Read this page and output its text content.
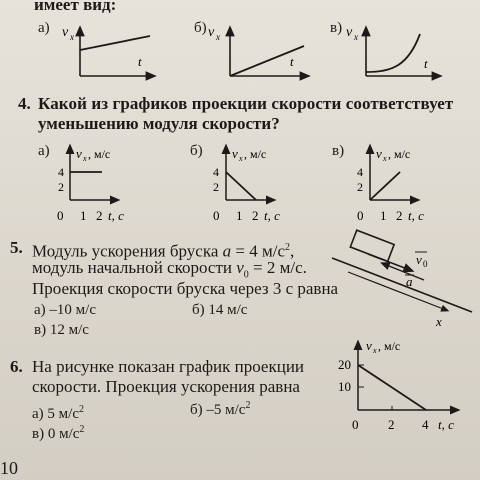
имеет вид:
а)	б)	в)
v x
t
v x
t
v x
t
4. Какой из графиков проекции скорости соответствует
уменьшению модуля скорости?
а)	б)	в)
v x , м/с
4
2
0 1 2 t, с
v x , м/с
4
2
0 1 2 t, с
v x , м/с
4
2
0 1 2 t, с
5. Модуль ускорения бруска a = 4 $м/с^2$,
модуль начальной скорости $v_0 = 2$ м/с.
Проекция скорости бруска через 3 с равна
а) –10 м/с	б) 14 м/с
в) 12 м/с
v 0
a
x
6. На рисунке показан график проекции
скорости. Проекция ускорения равна
а) 5 $м/с^2$	б) –5 $м/с^2$
в) 0 $м/с^2$
v x , м/с
20
10
0 2 4 t, с
10
